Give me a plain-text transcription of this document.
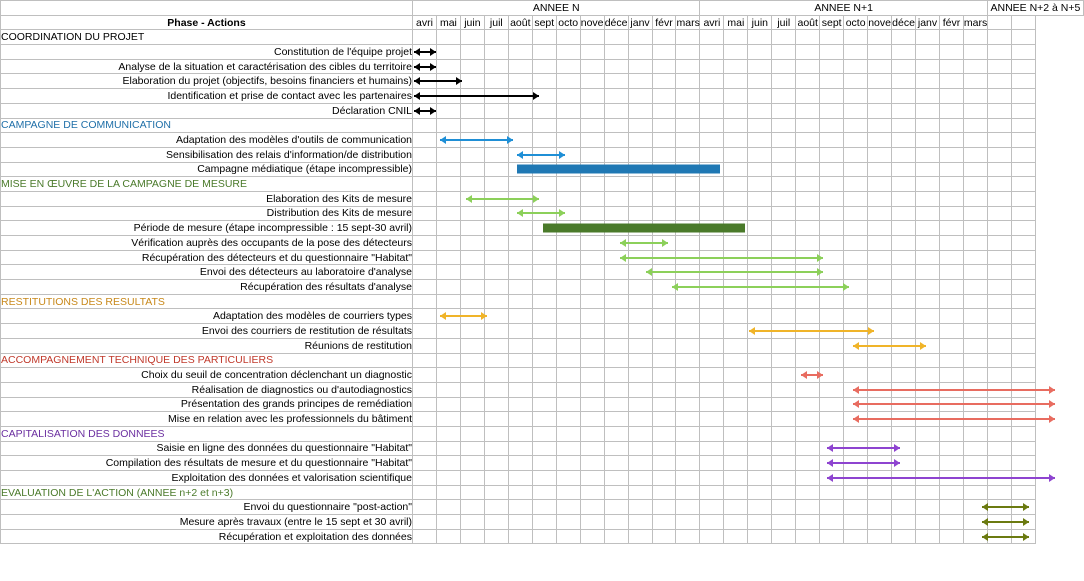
	ANNEE N												ANNEE N+1												ANNEE N+2 à N+5	
Phase - Actions	avri	mai	juin	juil	août	sept	octo	nove	déce	janv	févr	mars	avri	mai	juin	juil	août	sept	octo	nove	déce	janv	févr	mars		
COORDINATION DU PROJET																										
Constitution de l'équipe projet																										
Analyse de la situation et caractérisation des cibles du territoire																										
Elaboration du projet (objectifs, besoins financiers et humains)																										
Identification et prise de contact avec les partenaires																										
Déclaration CNIL																										
CAMPAGNE DE COMMUNICATION																										
Adaptation des modèles d'outils de communication																										
Sensibilisation des relais d'information/de distribution																										
Campagne médiatique (étape incompressible)																										
MISE EN ŒUVRE DE LA CAMPAGNE DE MESURE																										
Elaboration des Kits de mesure																										
Distribution des Kits de mesure																										
Période de mesure (étape incompressible : 15 sept-30 avril)																										
Vérification auprès des occupants de la pose des détecteurs																										
Récupération des détecteurs et du questionnaire "Habitat"																										
Envoi des détecteurs au laboratoire d'analyse																										
Récupération des résultats d'analyse																										
RESTITUTIONS DES RESULTATS																										
Adaptation des modèles de courriers types																										
Envoi des courriers de restitution de résultats																										
Réunions de restitution																										
ACCOMPAGNEMENT TECHNIQUE DES PARTICULIERS																										
Choix du seuil de concentration déclenchant un diagnostic																										
Réalisation de diagnostics ou d'autodiagnostics																										
Présentation des grands principes de remédiation																										
Mise en relation avec les professionnels du bâtiment																										
CAPITALISATION DES DONNEES																										
Saisie en ligne des données du questionnaire "Habitat"																										
Compilation des résultats de mesure et du questionnaire "Habitat"																										
Exploitation des données et valorisation scientifique																										
EVALUATION DE L'ACTION (ANNEE n+2 et n+3)																										
Envoi du questionnaire "post-action"																										
Mesure après travaux (entre le 15 sept et 30 avril)																										
Récupération et exploitation des données																										
